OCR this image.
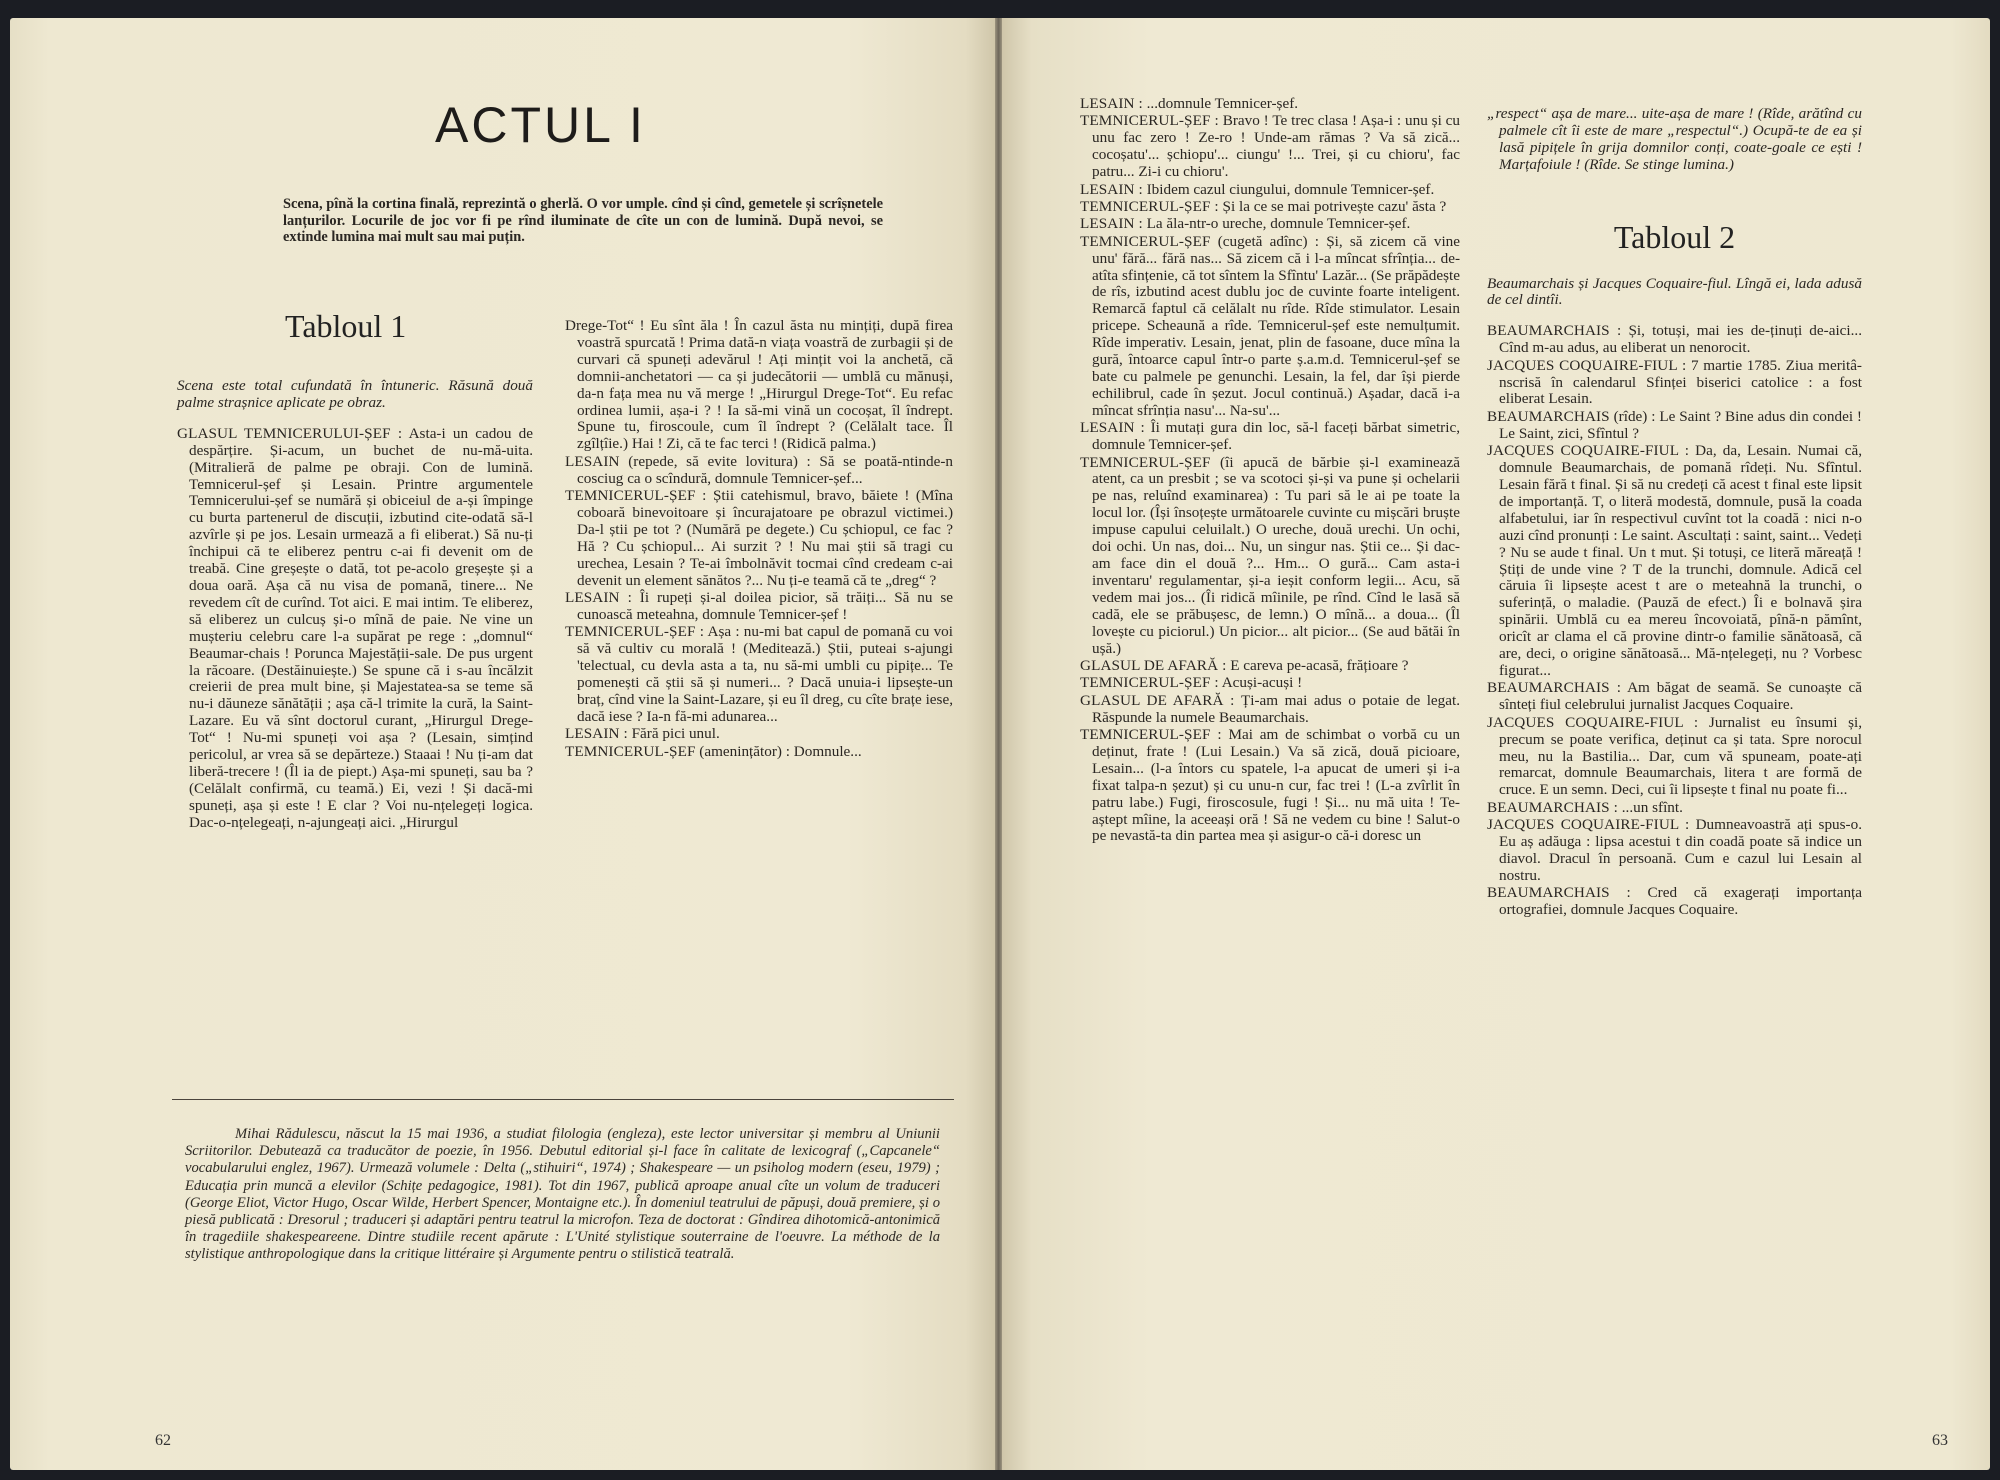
ACTUL I
Scena, pînă la cortina finală, reprezintă o gherlă. O vor umple. cînd și cînd, gemetele și scrîșnetele lanțurilor. Locurile de joc vor fi pe rînd iluminate de cîte un con de lumină. După nevoi, se extinde lumina mai mult sau mai puțin.
Tabloul 1

Scena este total cufundată în întuneric. Răsună două palme strașnice aplicate pe obraz.

GLASUL TEMNICERULUI-ȘEF : Asta-i un cadou de despărțire. Și-acum, un buchet de nu-mă-uita. (Mitralieră de palme pe obraji. Con de lumină. Temnicerul-șef și Lesain. Printre argumentele Temnicerului-șef se numără și obiceiul de a-și împinge cu burta partenerul de discuții, izbutind cite-odată să-l azvîrle și pe jos. Lesain urmează a fi eliberat.) Să nu-ți închipui că te eliberez pentru c-ai fi devenit om de treabă. Cine greșește o dată, tot pe-acolo greșește și a doua oară. Așa că nu visa de pomană, tinere... Ne revedem cît de curînd. Tot aici. E mai intim. Te eliberez, să eliberez un culcuș și-o mînă de paie. Ne vine un mușteriu celebru care l-a supărat pe rege : „domnul“ Beaumar-chais ! Porunca Majestății-sale. De pus urgent la răcoare. (Destăinuiește.) Se spune că i s-au încălzit creierii de prea mult bine, și Majestatea-sa se teme să nu-i dăuneze sănătății ; așa că-l trimite la cură, la Saint-Lazare. Eu vă sînt doctorul curant, „Hirurgul Drege-Tot“ ! Nu-mi spuneți voi așa ? (Lesain, simțind pericolul, ar vrea să se depărteze.) Staaai ! Nu ți-am dat liberă-trecere ! (Îl ia de piept.) Așa-mi spuneți, sau ba ? (Celălalt confirmă, cu teamă.) Ei, vezi ! Și dacă-mi spuneți, așa și este ! E clar ? Voi nu-nțelegeți logica. Dac-o-nțelegeați, n-ajungeați aici. „Hirurgul

Drege-Tot“ ! Eu sînt ăla ! În cazul ăsta nu mințiți, după firea voastră spurcată ! Prima dată-n viața voastră de zurbagii și de curvari că spuneți adevărul ! Ați mințit voi la anchetă, că domnii-anchetatori — ca și judecătorii — umblă cu mănuși, da-n fața mea nu vă merge ! „Hirurgul Drege-Tot“. Eu refac ordinea lumii, așa-i ? ! Ia să-mi vină un cocoșat, îl îndrept. Spune tu, firoscoule, cum îl îndrept ? (Celălalt tace. Îl zgîlțîie.) Hai ! Zi, că te fac terci ! (Ridică palma.)

LESAIN (repede, să evite lovitura) : Să se poată-ntinde-n cosciug ca o scîndură, domnule Temnicer-șef...

TEMNICERUL-ȘEF : Știi catehismul, bravo, băiete ! (Mîna coboară binevoitoare și încurajatoare pe obrazul victimei.) Da-l știi pe tot ? (Numără pe degete.) Cu șchiopul, ce fac ? Hă ? Cu șchiopul... Ai surzit ? ! Nu mai știi să tragi cu urechea, Lesain ? Te-ai îmbolnăvit tocmai cînd credeam c-ai devenit un element sănătos ?... Nu ți-e teamă că te „dreg“ ?

LESAIN : Îi rupeți și-al doilea picior, să trăiți... Să nu se cunoască meteahna, domnule Temnicer-șef !

TEMNICERUL-ȘEF : Așa : nu-mi bat capul de pomană cu voi să vă cultiv cu morală ! (Meditează.) Știi, puteai s-ajungi 'telectual, cu devla asta a ta, nu să-mi umbli cu pipițe... Te pomenești că știi să și numeri... ? Dacă unuia-i lipsește-un braț, cînd vine la Saint-Lazare, și eu îl dreg, cu cîte brațe iese, dacă iese ? Ia-n fă-mi adunarea...

LESAIN : Fără pici unul.

TEMNICERUL-ȘEF (amenințător) : Domnule...

Mihai Rădulescu, născut la 15 mai 1936, a studiat filologia (engleza), este lector universitar și membru al Uniunii Scriitorilor. Debutează ca traducător de poezie, în 1956. Debutul editorial și-l face în calitate de lexicograf („Capcanele“ vocabularului englez, 1967). Urmează volumele : Delta („stihuiri“, 1974) ; Shakespeare — un psiholog modern (eseu, 1979) ; Educația prin muncă a elevilor (Schițe pedagogice, 1981). Tot din 1967, publică aproape anual cîte un volum de traduceri (George Eliot, Victor Hugo, Oscar Wilde, Herbert Spencer, Montaigne etc.). În domeniul teatrului de păpuși, două premiere, și o piesă publicată : Dresorul ; traduceri și adaptări pentru teatrul la microfon. Teza de doctorat : Gîndirea dihotomică-antonimică în tragediile shakespeareene. Dintre studiile recent apărute : L'Unité stylistique souterraine de l'oeuvre. La méthode de la stylistique anthropologique dans la critique littéraire și Argumente pentru o stilistică teatrală.
62

LESAIN : ...domnule Temnicer-șef.

TEMNICERUL-ȘEF : Bravo ! Te trec clasa ! Așa-i : unu și cu unu fac zero ! Ze-ro ! Unde-am rămas ? Va să zică... cocoșatu'... șchiopu'... ciungu' !... Trei, și cu chioru', fac patru... Zi-i cu chioru'.

LESAIN : Ibidem cazul ciungului, domnule Temnicer-șef.

TEMNICERUL-ȘEF : Și la ce se mai potrivește cazu' ăsta ?

LESAIN : La ăla-ntr-o ureche, domnule Temnicer-șef.

TEMNICERUL-ȘEF (cugetă adînc) : Și, să zicem că vine unu' fără... fără nas... Să zicem că i l-a mîncat sfrînția... de-atîta sfințenie, că tot sîntem la Sfîntu' Lazăr... (Se prăpădește de rîs, izbutind acest dublu joc de cuvinte foarte inteligent. Remarcă faptul că celălalt nu rîde. Rîde stimulator. Lesain pricepe. Scheaună a rîde. Temnicerul-șef este nemulțumit. Rîde imperativ. Lesain, jenat, plin de fasoane, duce mîna la gură, întoarce capul într-o parte ș.a.m.d. Temnicerul-șef se bate cu palmele pe genunchi. Lesain, la fel, dar își pierde echilibrul, cade în șezut. Jocul continuă.) Așadar, dacă i-a mîncat sfrînția nasu'... Na-su'...

LESAIN : Îi mutați gura din loc, să-l faceți bărbat simetric, domnule Temnicer-șef.

TEMNICERUL-ȘEF (îi apucă de bărbie și-l examinează atent, ca un presbit ; se va scotoci și-și va pune și ochelarii pe nas, reluînd examinarea) : Tu pari să le ai pe toate la locul lor. (Își însoțește următoarele cuvinte cu mișcări bruște impuse capului celuilalt.) O ureche, două urechi. Un ochi, doi ochi. Un nas, doi... Nu, un singur nas. Știi ce... Și dac-am face din el două ?... Hm... O gură... Cam asta-i inventaru' regulamentar, și-a ieșit conform legii... Acu, să vedem mai jos... (Îi ridică mîinile, pe rînd. Cînd le lasă să cadă, ele se prăbușesc, de lemn.) O mînă... a doua... (Îl lovește cu piciorul.) Un picior... alt picior... (Se aud bătăi în ușă.)

GLASUL DE AFARĂ : E careva pe-acasă, frățioare ?

TEMNICERUL-ȘEF : Acuși-acuși !

GLASUL DE AFARĂ : Ți-am mai adus o potaie de legat. Răspunde la numele Beaumarchais.

TEMNICERUL-ȘEF : Mai am de schimbat o vorbă cu un deținut, frate ! (Lui Lesain.) Va să zică, două picioare, Lesain... (l-a întors cu spatele, l-a apucat de umeri și i-a fixat talpa-n șezut) și cu unu-n cur, fac trei ! (L-a zvîrlit în patru labe.) Fugi, firoscosule, fugi ! Și... nu mă uita ! Te-aștept mîine, la aceeași oră ! Să ne vedem cu bine ! Salut-o pe nevastă-ta din partea mea și asigur-o că-i doresc un

„respect“ așa de mare... uite-așa de mare ! (Rîde, arătînd cu palmele cît îi este de mare „respectul“.) Ocupă-te de ea și lasă pipițele în grija domnilor conți, coate-goale ce ești ! Marțafoiule ! (Rîde. Se stinge lumina.)

Tabloul 2

Beaumarchais și Jacques Coquaire-fiul. Lîngă ei, lada adusă de cel dintîi.

BEAUMARCHAIS : Și, totuși, mai ies de-ținuți de-aici... Cînd m-au adus, au eliberat un nenorocit.

JACQUES COQUAIRE-FIUL : 7 martie 1785. Ziua meritâ-nscrisă în calendarul Sfinței biserici catolice : a fost eliberat Lesain.

BEAUMARCHAIS (rîde) : Le Saint ? Bine adus din condei ! Le Saint, zici, Sfîntul ?

JACQUES COQUAIRE-FIUL : Da, da, Lesain. Numai că, domnule Beaumarchais, de pomană rîdeți. Nu. Sfîntul. Lesain fără t final. Și să nu credeți că acest t final este lipsit de importanță. T, o literă modestă, domnule, pusă la coada alfabetului, iar în respectivul cuvînt tot la coadă : nici n-o auzi cînd pronunți : Le saint. Ascultați : saint, saint... Vedeți ? Nu se aude t final. Un t mut. Și totuși, ce literă măreață ! Știți de unde vine ? T de la trunchi, domnule. Adică cel căruia îi lipsește acest t are o meteahnă la trunchi, o suferință, o maladie. (Pauză de efect.) Îi e bolnavă șira spinării. Umblă cu ea mereu încovoiată, pînă-n pămînt, oricît ar clama el că provine dintr-o familie sănătoasă, că are, deci, o origine sănătoasă... Mă-nțelegeți, nu ? Vorbesc figurat...

BEAUMARCHAIS : Am băgat de seamă. Se cunoaște că sînteți fiul celebrului jurnalist Jacques Coquaire.

JACQUES COQUAIRE-FIUL : Jurnalist eu însumi și, precum se poate verifica, deținut ca și tata. Spre norocul meu, nu la Bastilia... Dar, cum vă spuneam, poate-ați remarcat, domnule Beaumarchais, litera t are formă de cruce. E un semn. Deci, cui îi lipsește t final nu poate fi...

BEAUMARCHAIS : ...un sfînt.

JACQUES COQUAIRE-FIUL : Dumneavoastră ați spus-o. Eu aș adăuga : lipsa acestui t din coadă poate să indice un diavol. Dracul în persoană. Cum e cazul lui Lesain al nostru.

BEAUMARCHAIS : Cred că exagerați importanța ortografiei, domnule Jacques Coquaire.

63
